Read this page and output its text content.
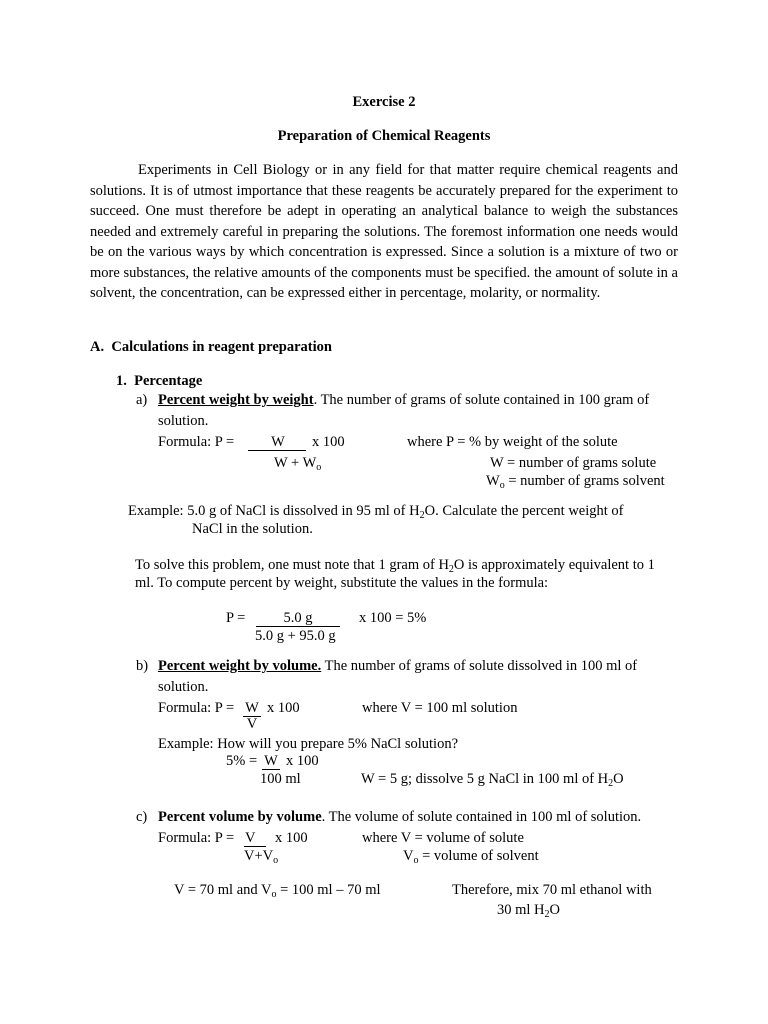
Exercise 2
Preparation of Chemical Reagents
Experiments in Cell Biology or in any field for that matter require chemical reagents and solutions. It is of utmost importance that these reagents be accurately prepared for the experiment to succeed. One must therefore be adept in operating an analytical balance to weigh the substances needed and extremely careful in preparing the solutions. The foremost information one needs would be on the various ways by which concentration is expressed. Since a solution is a mixture of two or more substances, the relative amounts of the components must be specified. the amount of solute in a solvent, the concentration, can be expressed either in percentage, molarity, or normality.
A. Calculations in reagent preparation
1. Percentage
a) Percent weight by weight. The number of grams of solute contained in 100 gram of
solution.
Formula: P =	W	x 100
$W + W_o$
where P = % by weight of the solute
W = number of grams solute
$W_o$ = number of grams solvent
Example: 5.0 g of NaCl is dissolved in 95 ml of $H_2O$. Calculate the percent weight of
NaCl in the solution.
To solve this problem, one must note that 1 gram of $H_2O$ is approximately equivalent to 1
ml. To compute percent by weight, substitute the values in the formula:
P =	5.0 g	x 100 = 5%
5.0 g + 95.0 g
b) Percent weight by volume. The number of grams of solute dissolved in 100 ml of
solution.
Formula: P = W x 100
V
where V = 100 ml solution
Example: How will you prepare 5% NaCl solution?
5% = W x 100
100 ml	W = 5 g; dissolve 5 g NaCl in 100 ml of $H_2O$
c) Percent volume by volume. The volume of solute contained in 100 ml of solution.
Formula: P = V x 100
$V+V_o$
where V = volume of solute
$V_o$ = volume of solvent
V = 70 ml and $V_o = 100$ ml – 70 ml	Therefore, mix 70 ml ethanol with
30 ml $H_2O$
